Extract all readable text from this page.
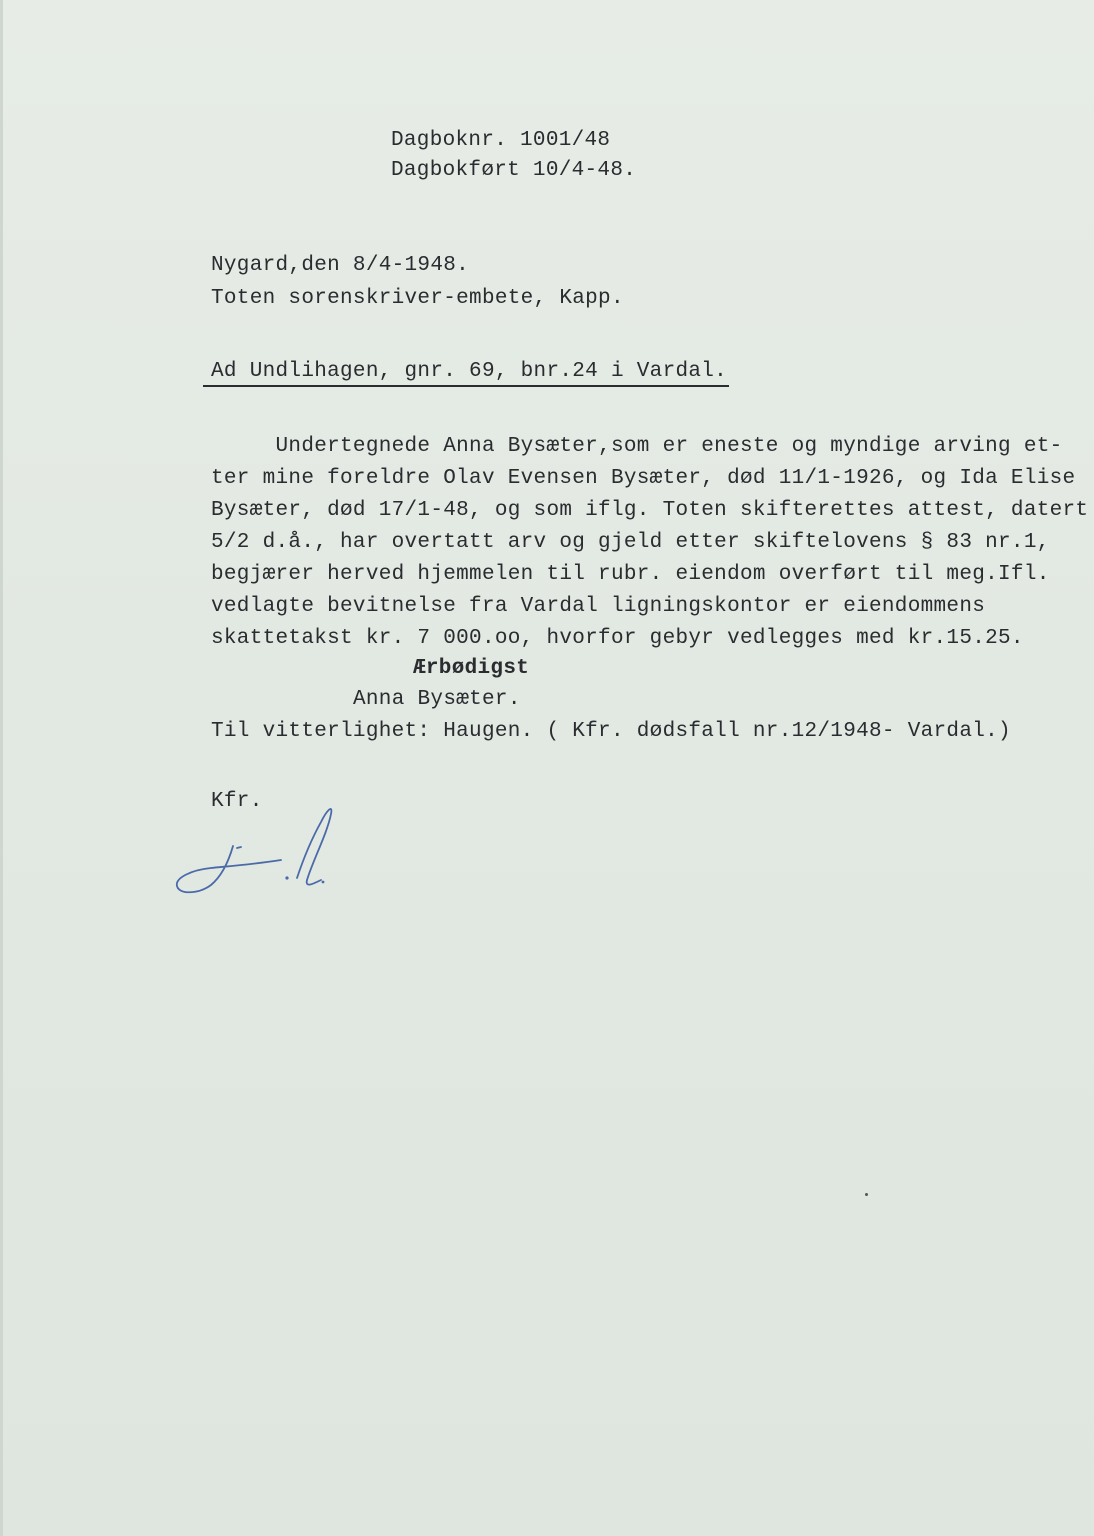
Dagboknr. 1001/48
Dagbokført 10/4-48.
Nygard,den 8/4-1948.
Toten sorenskriver-embete, Kapp.
Ad Undlihagen, gnr. 69, bnr.24 i Vardal.
Undertegnede Anna Bysæter,som er eneste og myndige arving et-
ter mine foreldre Olav Evensen Bysæter, død 11/1-1926, og Ida Elise
Bysæter, død 17/1-48, og som iflg. Toten skifterettes attest, datert
5/2 d.å., har overtatt arv og gjeld etter skiftelovens § 83 nr.1,
begjærer herved hjemmelen til rubr. eiendom overført til meg.Ifl.
vedlagte bevitnelse fra Vardal ligningskontor er eiendommens
skattetakst kr. 7 000.oo, hvorfor gebyr vedlegges med kr.15.25.
Ærbødigst
Anna Bysæter.
Til vitterlighet: Haugen. ( Kfr. dødsfall nr.12/1948- Vardal.)
Kfr.
